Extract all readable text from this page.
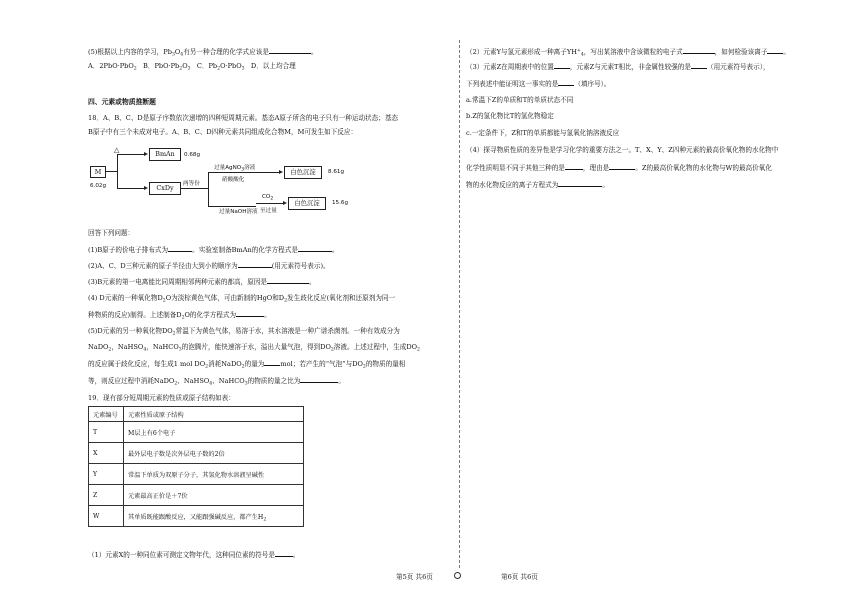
(5)根据以上内容的学习，$Pb_3O_4$有另一种合理的化学式应该是	。
A．2PbO·PbO$_2$ B．$PbO\cdot Pb_2O_3$ C．$Pb_2O\cdot PbO_3$ D．以上均合理
四、元素或物质推断题
18．A、B、C、D是原子序数依次递增的四种短周期元素。基态A原子所含的电子只有一种运动状态；基态
B原子中有三个未成对电子。A、B、C、D四种元素共同组成化合物M，M可发生如下反应：
M
6.02g
△	BmAn	0.68g
CxDy	两等份
过量AgNO$_3$溶液
硝酸酸化
白色沉淀	8.61g
过量NaOH溶液
$CO_2$
至过量
白色沉淀	15.6g
回答下列问题：
(1)B原子的价电子排布式为	。实验室制备BmAn的化学方程式是	。
(2)A、C、D三种元素的原子半径由大到小的顺序为	(用元素符号表示)。
(3)B元素的第一电离能比同周期相邻两种元素的都高，原因是	。
(4) D元素的一种氧化物$D_2O$为淡棕黄色气体，可由新制的HgO和$D_2$发生歧化反应(氧化剂和还原剂为同一
种物质的反应)制得。上述制备$D_2O$的化学方程式为	。
(5)D元素的另一种氧化物$DO_2$常温下为黄色气体，易溶于水，其水溶液是一种广谱杀菌剂。一种有效成分为
NaDO$_2$，NaHSO$_4$，NaHCO$_3$的泡腾片，能快速溶于水，溢出大量气泡，得到$DO_2$溶液。上述过程中，生成$DO_2$
的反应属于歧化反应，每生成1 mol $DO_2$消耗NaDO$_2$的量为 mol；若产生的“气泡”与$DO_2$的物质的量相
等，则反应过程中消耗NaDO$_2$、NaHSO$_4$、NaHCO$_3$的物质的量之比为	。
19．现有部分短周期元素的性质或原子结构如表：
元素编号	元素性质或原子结构
T	M层上有6个电子
X	最外层电子数是次外层电子数的2倍
Y	常温下单质为双原子分子，其氢化物水溶液呈碱性
Z	元素最高正价是＋7价
W	其单质既能跟酸反应，又能跟强碱反应，都产生$H_2$
（1）元素X的一种同位素可测定文物年代，这种同位素的符号是	。
（2）元素Y与氢元素形成一种离子$YH^+_4$，写出某溶液中含该微粒的电子式	，如何检验该离子 。
（3）元素Z在周期表中的位置 ，元素Z与元素T相比，非金属性较强的是 （用元素符号表示），
下列表述中能证明这一事实的是 （填序号）。
a.常温下Z的单质和T的单质状态不同
b.Z的氢化物比T的氢化物稳定
c.一定条件下，Z和T的单质都能与氢氧化钠溶液反应
（4）探寻物质性质的差异性是学习化学的重要方法之一。T、X、Y、Z四种元素的最高价氧化物的水化物中
化学性质明显不同于其他三种的是	，理由是	。Z的最高价氧化物的水化物与W的最高价氧化
物的水化物反应的离子方程式为	。
第5页 共6页	第6页 共6页
